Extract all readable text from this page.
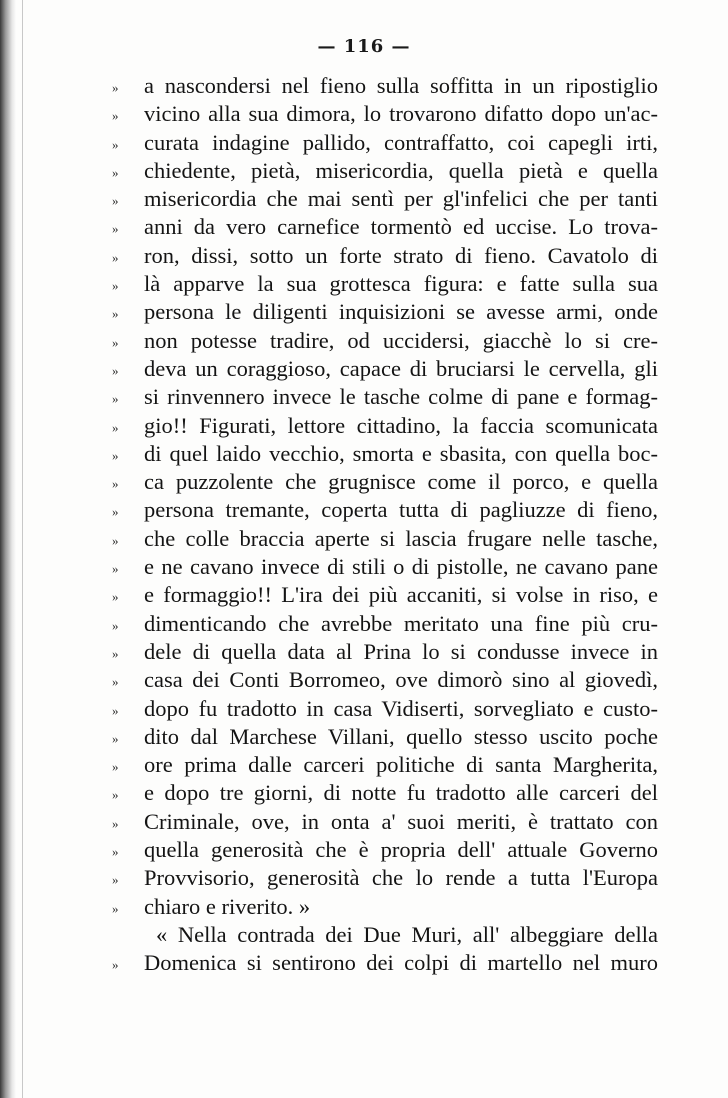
— 116 —
» a nascondersi nel fieno sulla soffitta in un ripostiglio
» vicino alla sua dimora, lo trovarono difatto dopo un'ac-
» curata indagine pallido, contraffatto, coi capegli irti,
» chiedente, pietà, misericordia, quella pietà e quella
» misericordia che mai sentì per gl'infelici che per tanti
» anni da vero carnefice tormentò ed uccise. Lo trova-
» ron, dissi, sotto un forte strato di fieno. Cavatolo di
» là apparve la sua grottesca figura: e fatte sulla sua
» persona le diligenti inquisizioni se avesse armi, onde
» non potesse tradire, od uccidersi, giacchè lo si cre-
» deva un coraggioso, capace di bruciarsi le cervella, gli
» si rinvennero invece le tasche colme di pane e formag-
» gio!! Figurati, lettore cittadino, la faccia scomunicata
» di quel laido vecchio, smorta e sbasita, con quella boc-
» ca puzzolente che grugnisce come il porco, e quella
» persona tremante, coperta tutta di pagliuzze di fieno,
» che colle braccia aperte si lascia frugare nelle tasche,
» e ne cavano invece di stili o di pistolle, ne cavano pane
» e formaggio!! L'ira dei più accaniti, si volse in riso, e
» dimenticando che avrebbe meritato una fine più cru-
» dele di quella data al Prina lo si condusse invece in
» casa dei Conti Borromeo, ove dimorò sino al giovedì,
» dopo fu tradotto in casa Vidiserti, sorvegliato e custo-
» dito dal Marchese Villani, quello stesso uscito poche
» ore prima dalle carceri politiche di santa Margherita,
» e dopo tre giorni, di notte fu tradotto alle carceri del
» Criminale, ove, in onta a' suoi meriti, è trattato con
» quella generosità che è propria dell' attuale Governo
» Provvisorio, generosità che lo rende a tutta l'Europa
» chiaro e riverito. »
« Nella contrada dei Due Muri, all' albeggiare della
» Domenica si sentirono dei colpi di martello nel muro
